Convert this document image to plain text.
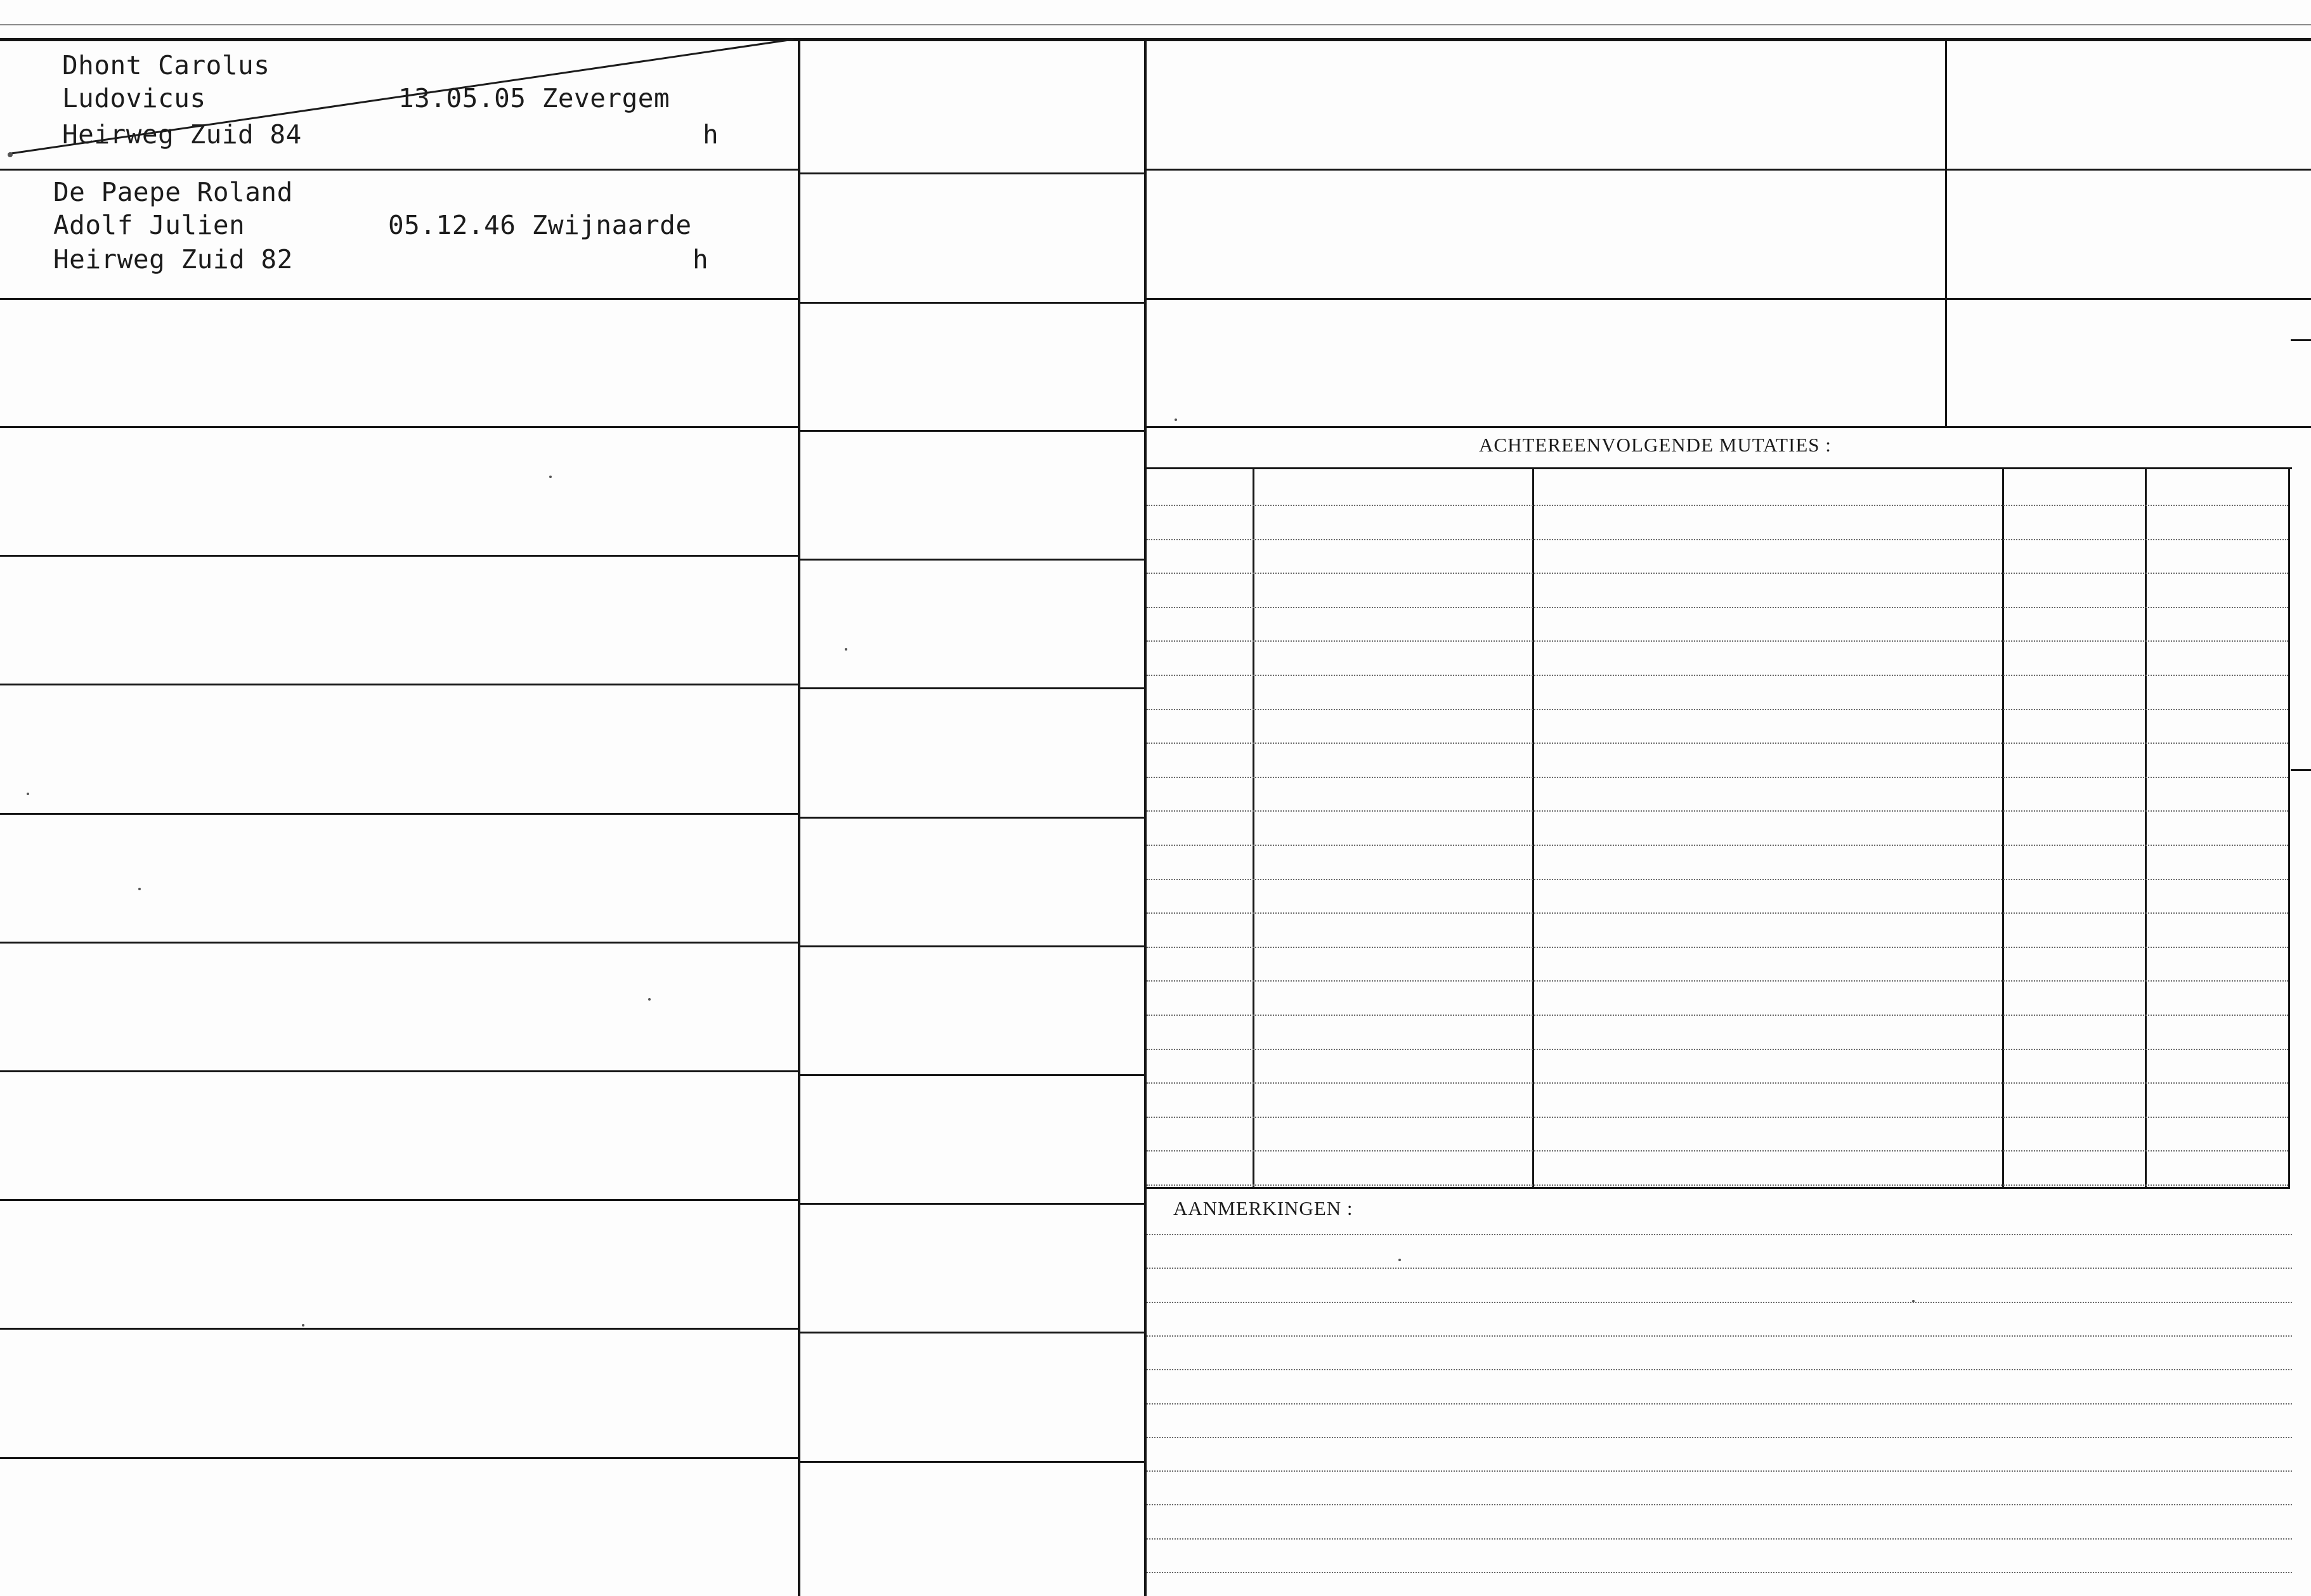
ACHTEREENVOLGENDE MUTATIES :
AANMERKINGEN :
Dhont Carolus
Ludovicus
Heirweg Zuid 84
13.05.05 Zevergem
h
De Paepe Roland
Adolf Julien
Heirweg Zuid 82
05.12.46 Zwijnaarde
h
